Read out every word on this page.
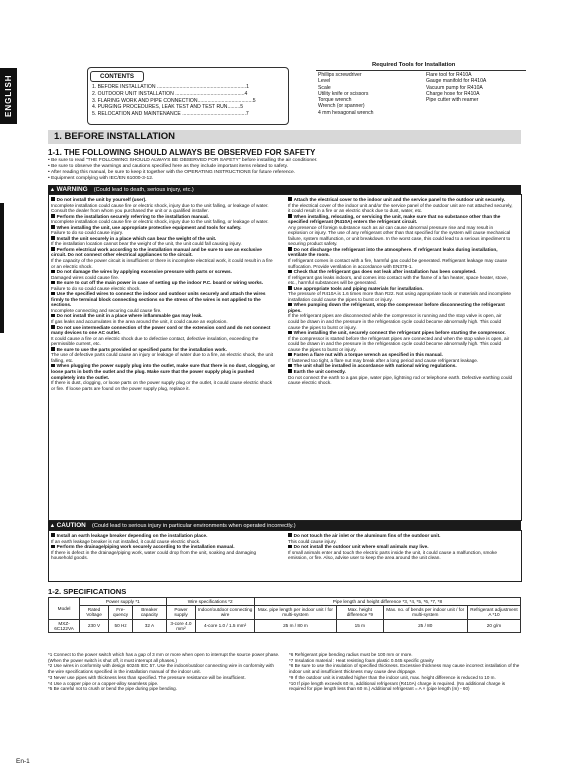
ENGLISH	CONTENTS
1. BEFORE INSTALLATION ...............................................................1
2. OUTDOOR UNIT INSTALLATION .................................................4
3. FLARING WORK AND PIPE CONNECTION.......................................5
4. PURGING PROCEDURES, LEAK TEST AND TEST RUN.........5
5. RELOCATION AND MAINTENANCE .............................................7
Required Tools for Installation
Phillips screwdriver
Level
Scale
Utility knife or scissors
Torque wrench
Wrench (or spanner)
4 mm hexagonal wrench
Flare tool for R410A
Gauge manifold for R410A
Vacuum pump for R410A
Charge hose for R410A
Pipe cutter with reamer
1. BEFORE INSTALLATION
1-1. THE FOLLOWING SHOULD ALWAYS BE OBSERVED FOR SAFETY
• Be sure to read "THE FOLLOWING SHOULD ALWAYS BE OBSERVED FOR SAFETY" before installing the air conditioner.
• Be sure to observe the warnings and cautions specified here as they include important items related to safety.
• After reading this manual, be sure to keep it together with the OPERATING INSTRUCTIONS for future reference.
• Equipment complying with IEC/EN 61000-3-12.
▲ WARNING (Could lead to death, serious injury, etc.)

Do not install the unit by yourself (user).

Incomplete installation could cause fire or electric shock, injury due to the unit falling, or leakage of water. Consult the dealer from whom you purchased the unit or a qualified installer.

Perform the installation securely referring to the installation manual.

Incomplete installation could cause fire or electric shock, injury due to the unit falling, or leakage of water.

When installing the unit, use appropriate protective equipment and tools for safety.

Failure to do so could cause injury.

Install the unit securely in a place which can bear the weight of the unit.

If the installation location cannot bear the weight of the unit, the unit could fall causing injury.

Perform electrical work according to the installation manual and be sure to use an exclusive circuit. Do not connect other electrical appliances to the circuit.

If the capacity of the power circuit is insufficient or there is incomplete electrical work, it could result in a fire or an electric shock.

Do not damage the wires by applying excessive pressure with parts or screws.

Damaged wires could cause fire.

Be sure to cut off the main power in case of setting up the indoor P.C. board or wiring works.

Failure to do so could cause electric shock.

Use the specified wires to connect the indoor and outdoor units securely and attach the wires firmly to the terminal block connecting sections so the stress of the wires is not applied to the sections.

Incomplete connecting and securing could cause fire.

Do not install the unit in a place where inflammable gas may leak.

If gas leaks and accumulates in the area around the unit, it could cause an explosion.

Do not use intermediate connection of the power cord or the extension cord and do not connect many devices to one AC outlet.

It could cause a fire or an electric shock due to defective contact, defective insulation, exceeding the permissible current, etc.

Be sure to use the parts provided or specified parts for the installation work.

The use of defective parts could cause an injury or leakage of water due to a fire, an electric shock, the unit falling, etc.

When plugging the power supply plug into the outlet, make sure that there is no dust, clogging, or loose parts in both the outlet and the plug. Make sure that the power supply plug is pushed completely into the outlet.

If there is dust, clogging, or loose parts on the power supply plug or the outlet, it could cause electric shock or fire. If loose parts are found on the power supply plug, replace it.

Attach the electrical cover to the indoor unit and the service panel to the outdoor unit securely.

If the electrical cover of the indoor unit and/or the service panel of the outdoor unit are not attached securely, it could result in a fire or an electric shock due to dust, water, etc.

When installing, relocating, or servicing the unit, make sure that no substance other than the specified refrigerant (R410A) enters the refrigerant circuit.

Any presence of foreign substance such as air can cause abnormal pressure rise and may result in explosion or injury. The use of any refrigerant other than that specified for the system will cause mechanical failure, system malfunction, or unit breakdown. In the worst case, this could lead to a serious impediment to securing product safety.

Do not discharge the refrigerant into the atmosphere. If refrigerant leaks during installation, ventilate the room.

If refrigerant comes in contact with a fire, harmful gas could be generated. Refrigerant leakage may cause suffocation. Provide ventilation in accordance with EN378-1.

Check that the refrigerant gas does not leak after installation has been completed.

If refrigerant gas leaks indoors, and comes into contact with the flame of a fan heater, space heater, stove, etc., harmful substances will be generated.

Use appropriate tools and piping materials for installation.

The pressure of R410A is 1.6 times more than R22. Not using appropriate tools or materials and incomplete installation could cause the pipes to burst or injury.

When pumping down the refrigerant, stop the compressor before disconnecting the refrigerant pipes.

If the refrigerant pipes are disconnected while the compressor is running and the stop valve is open, air could be drawn in and the pressure in the refrigeration cycle could become abnormally high. This could cause the pipes to burst or injury.

When installing the unit, securely connect the refrigerant pipes before starting the compressor.

If the compressor is started before the refrigerant pipes are connected and when the stop valve is open, air could be drawn in and the pressure in the refrigeration cycle could become abnormally high. This could cause the pipes to burst or injury.

Fasten a flare nut with a torque wrench as specified in this manual.

If fastened too tight, a flare nut may break after a long period and cause refrigerant leakage.

The unit shall be installed in accordance with national wiring regulations.

Earth the unit correctly.

Do not connect the earth to a gas pipe, water pipe, lightning rod or telephone earth. Defective earthing could cause electric shock.

▲ CAUTION (Could lead to serious injury in particular environments when operated incorrectly.)

Install an earth leakage breaker depending on the installation place.

If an earth leakage breaker is not installed, it could cause electric shock.

Perform the drainage/piping work securely according to the installation manual.

If there is defect in the drainage/piping work, water could drop from the unit, soaking and damaging household goods.

Do not touch the air inlet or the aluminum fins of the outdoor unit.

This could cause injury.

Do not install the outdoor unit where small animals may live.

If small animals enter and touch the electric parts inside the unit, it could cause a malfunction, smoke emission, or fire. Also, advise user to keep the area around the unit clean.

1-2. SPECIFICATIONS
Model	Power supply *1			Wire specifications *2		Pipe length and height difference *3, *4, *5, *6, *7, *8			
	Rated Voltage	Fre-quency	Breaker capacity	Power supply	Indoor/outdoor connecting wire	Max. pipe length per indoor unit / for multi-system	Max. height difference *9	Max. no. of bends per indoor unit / for multi-system	Refrigerant adjustment A *10
MXZ-6C122VA	230 V	50 Hz	32 A	3-core 4.0 mm²	4-core 1.0 / 1.5 mm²	25 m / 80 m	15 m	25 / 80	20 g/m
*1 Connect to the power switch which has a gap of 3 mm or more when open to interrupt the source power phase. (When the power switch is shut off, it must interrupt all phases.)
*2 Use wires in conformity with design 60245 IEC 57. Use the indoor/outdoor connecting wire in conformity with the wire specifications specified in the installation manual of the indoor unit.
*3 Never use pipes with thickness less than specified. The pressure resistance will be insufficient.
*4 Use a copper pipe or a copper-alloy seamless pipe.
*5 Be careful not to crush or bend the pipe during pipe bending.
*6 Refrigerant pipe bending radius must be 100 mm or more.
*7 Insulation material : Heat resisting foam plastic 0.045 specific gravity
*8 Be sure to use the insulation of specified thickness. Excessive thickness may cause incorrect installation of the indoor unit and insufficient thickness may cause dew drippage.
*9 If the outdoor unit is installed higher than the indoor unit, max. height difference is reduced to 10 m.
*10 If pipe length exceeds 60 m, additional refrigerant (R410A) charge is required. (No additional charge is required for pipe length less than 60 m.) Additional refrigerant = A × (pipe length (m) - 60)
En-1
